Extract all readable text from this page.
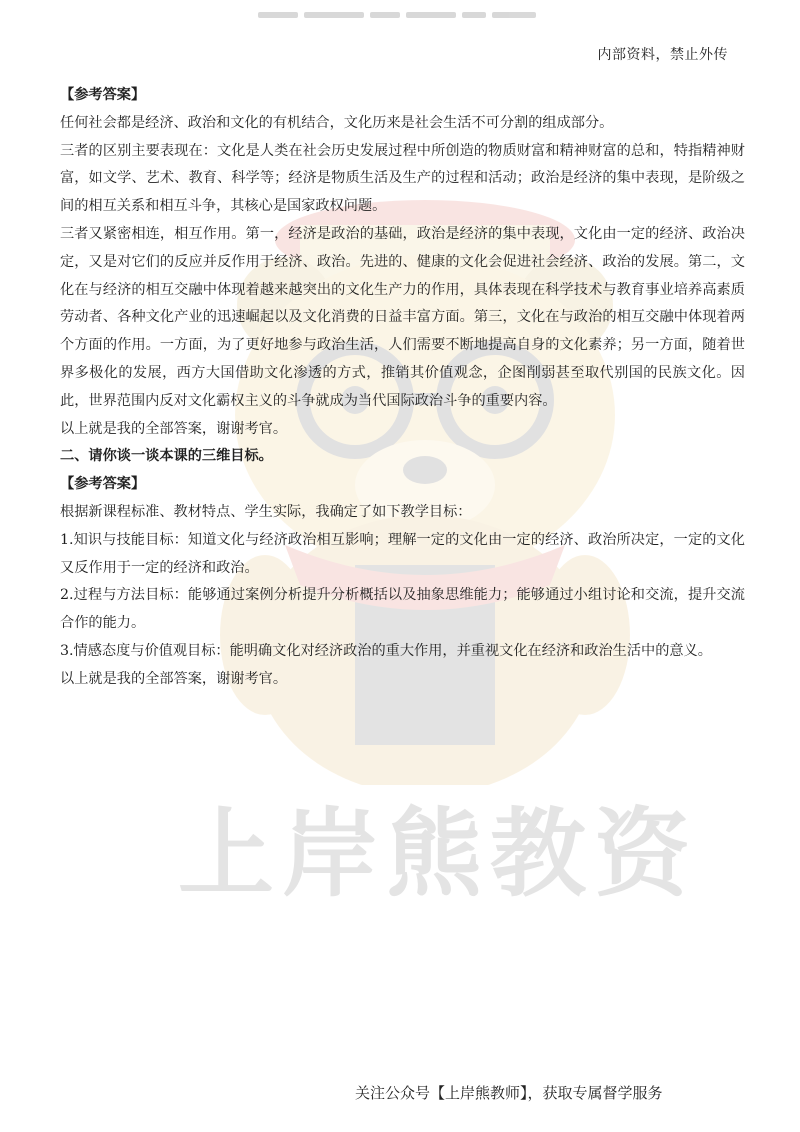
内部资料，禁止外传
上岸熊教资

【参考答案】

任何社会都是经济、政治和文化的有机结合，文化历来是社会生活不可分割的组成部分。

三者的区别主要表现在：文化是人类在社会历史发展过程中所创造的物质财富和精神财富的总和，特指精神财富，如文学、艺术、教育、科学等；经济是物质生活及生产的过程和活动；政治是经济的集中表现，是阶级之间的相互关系和相互斗争，其核心是国家政权问题。

三者又紧密相连，相互作用。第一，经济是政治的基础，政治是经济的集中表现，文化由一定的经济、政治决定，又是对它们的反应并反作用于经济、政治。先进的、健康的文化会促进社会经济、政治的发展。第二，文化在与经济的相互交融中体现着越来越突出的文化生产力的作用，具体表现在科学技术与教育事业培养高素质劳动者、各种文化产业的迅速崛起以及文化消费的日益丰富方面。第三，文化在与政治的相互交融中体现着两个方面的作用。一方面，为了更好地参与政治生活，人们需要不断地提高自身的文化素养；另一方面，随着世界多极化的发展，西方大国借助文化渗透的方式，推销其价值观念，企图削弱甚至取代别国的民族文化。因此，世界范围内反对文化霸权主义的斗争就成为当代国际政治斗争的重要内容。

以上就是我的全部答案，谢谢考官。

二、请你谈一谈本课的三维目标。

【参考答案】

根据新课程标准、教材特点、学生实际，我确定了如下教学目标：

1.知识与技能目标：知道文化与经济政治相互影响；理解一定的文化由一定的经济、政治所决定，一定的文化又反作用于一定的经济和政治。

2.过程与方法目标：能够通过案例分析提升分析概括以及抽象思维能力；能够通过小组讨论和交流，提升交流合作的能力。

3.情感态度与价值观目标：能明确文化对经济政治的重大作用，并重视文化在经济和政治生活中的意义。

以上就是我的全部答案，谢谢考官。

关注公众号【上岸熊教师】，获取专属督学服务
